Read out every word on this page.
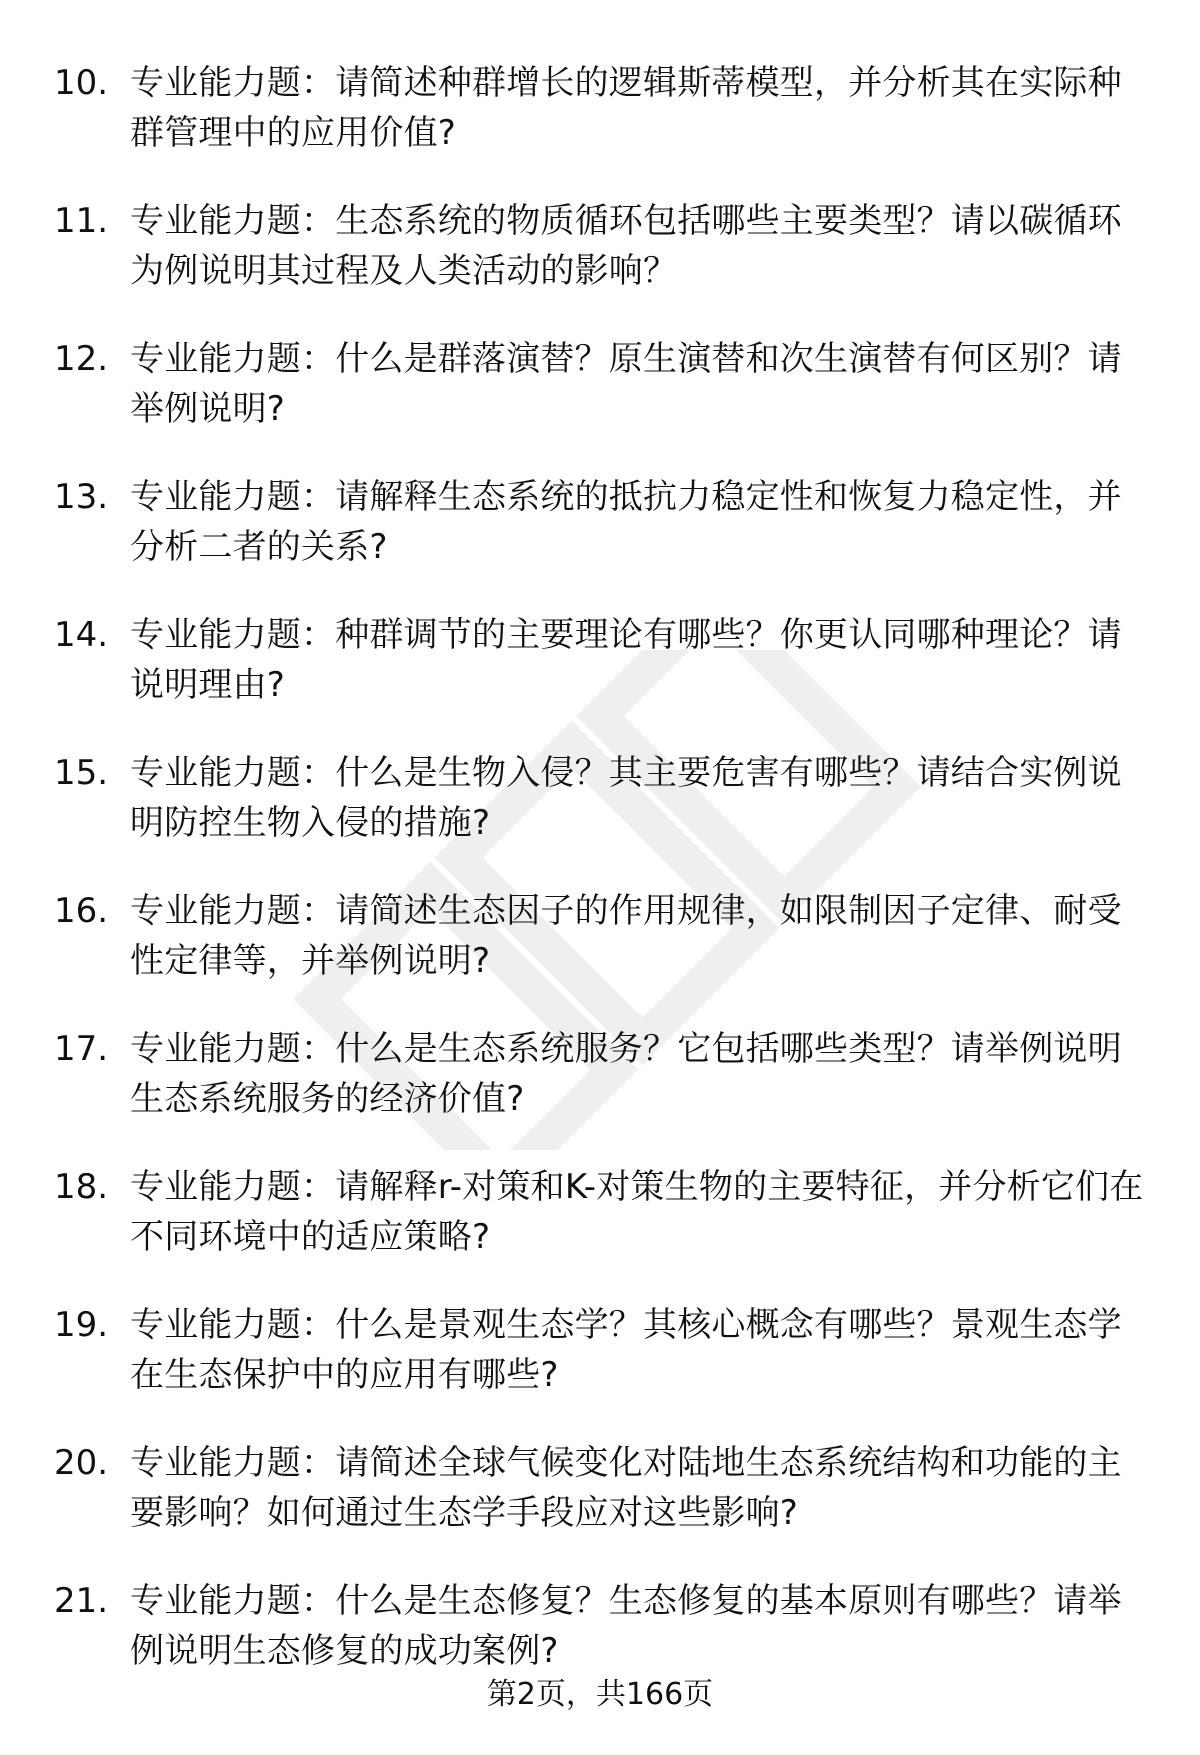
10. 专业能力题：请简述种群增长的逻辑斯蒂模型，并分析其在实际种群管理中的应用价值?
11. 专业能力题：生态系统的物质循环包括哪些主要类型？请以碳循环为例说明其过程及人类活动的影响？
12. 专业能力题：什么是群落演替？原生演替和次生演替有何区别？请举例说明?
13. 专业能力题：请解释生态系统的抵抗力稳定性和恢复力稳定性，并分析二者的关系?
14. 专业能力题：种群调节的主要理论有哪些？你更认同哪种理论？请说明理由?
15. 专业能力题：什么是生物入侵？其主要危害有哪些？请结合实例说明防控生物入侵的措施?
16. 专业能力题：请简述生态因子的作用规律，如限制因子定律、耐受性定律等，并举例说明?
17. 专业能力题：什么是生态系统服务？它包括哪些类型？请举例说明生态系统服务的经济价值?
18. 专业能力题：请解释r-对策和K-对策生物的主要特征，并分析它们在不同环境中的适应策略?
19. 专业能力题：什么是景观生态学？其核心概念有哪些？景观生态学在生态保护中的应用有哪些?
20. 专业能力题：请简述全球气候变化对陆地生态系统结构和功能的主要影响？如何通过生态学手段应对这些影响?
21. 专业能力题：什么是生态修复？生态修复的基本原则有哪些？请举例说明生态修复的成功案例?
第2页，共166页
